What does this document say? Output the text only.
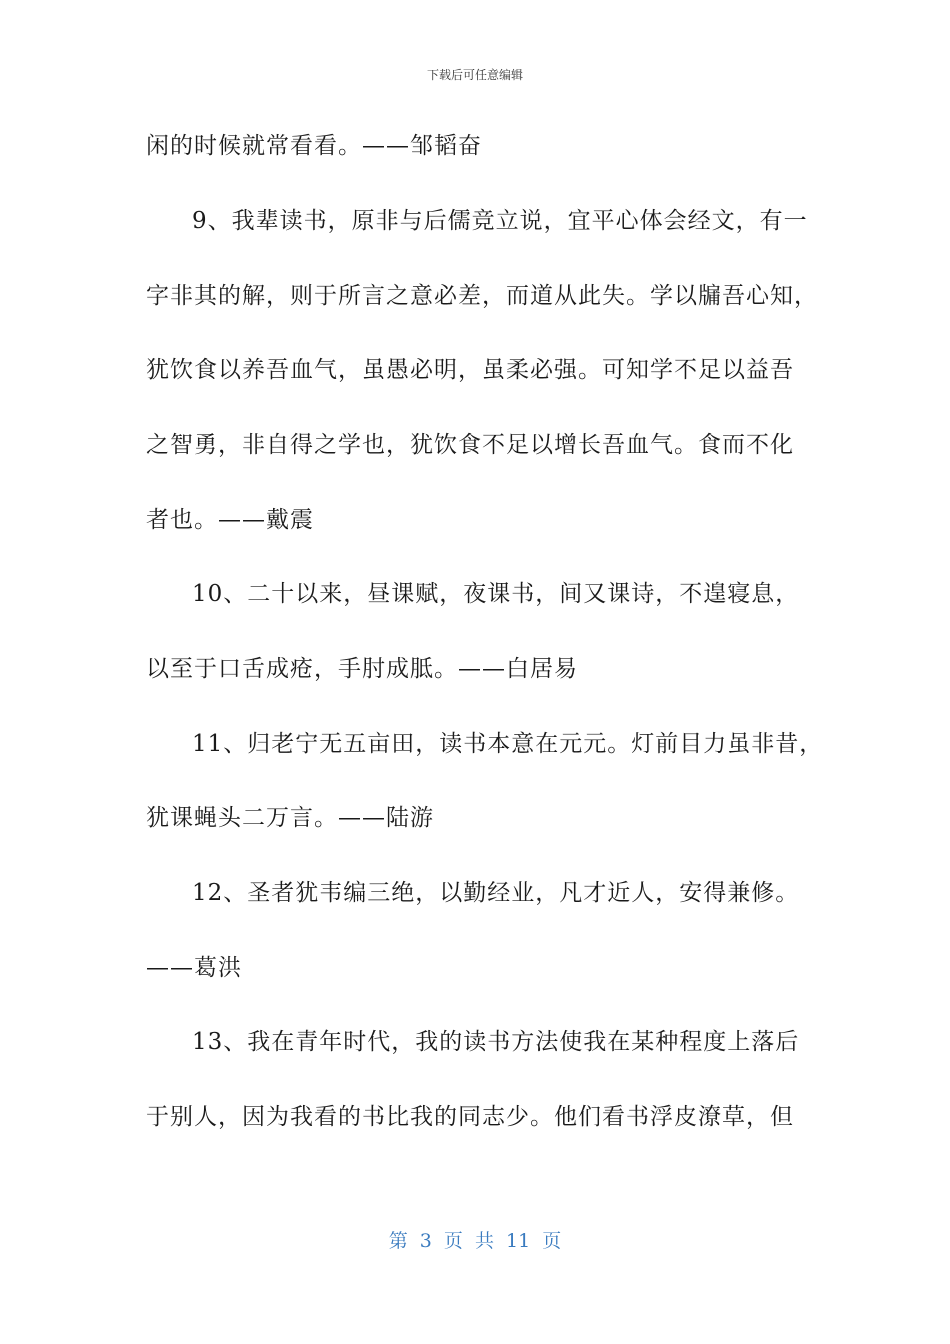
下载后可任意编辑
闲的时候就常看看。——邹韬奋
9、我辈读书，原非与后儒竞立说，宜平心体会经文，有一
字非其的解，则于所言之意必差，而道从此失。学以牖吾心知，
犹饮食以养吾血气，虽愚必明，虽柔必强。可知学不足以益吾
之智勇，非自得之学也，犹饮食不足以增长吾血气。食而不化
者也。——戴震
10、二十以来，昼课赋，夜课书，间又课诗，不遑寝息，
以至于口舌成疮，手肘成胝。——白居易
11、归老宁无五亩田，读书本意在元元。灯前目力虽非昔，
犹课蝇头二万言。——陆游
12、圣者犹韦编三绝，以勤经业，凡才近人，安得兼修。
——葛洪
13、我在青年时代，我的读书方法使我在某种程度上落后
于别人，因为我看的书比我的同志少。他们看书浮皮潦草，但
第 3 页 共 11 页
